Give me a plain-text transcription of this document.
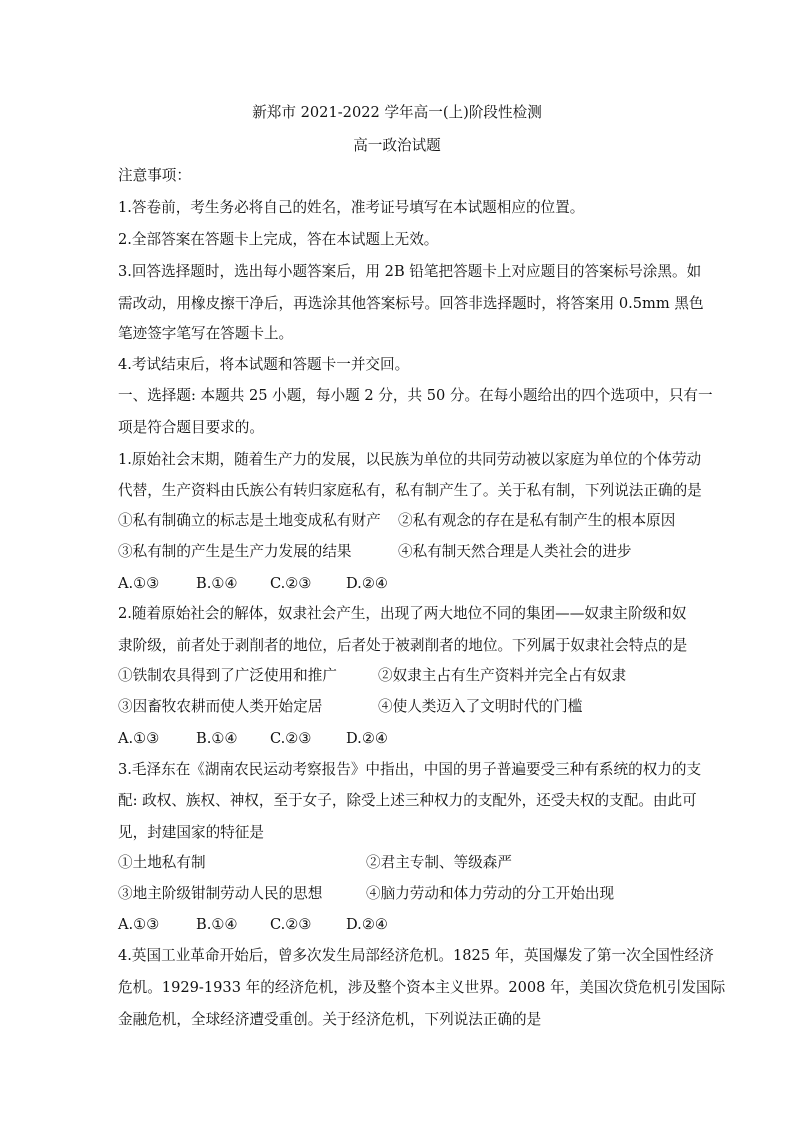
新郑市 2021-2022 学年高一(上)阶段性检测
高一政治试题
注意事项：
1.答卷前，考生务必将自己的姓名，准考证号填写在本试题相应的位置。
2.全部答案在答题卡上完成，答在本试题上无效。
3.回答选择题时，选出每小题答案后，用 2B 铅笔把答题卡上对应题目的答案标号涂黑。如
需改动，用橡皮擦干净后，再选涂其他答案标号。回答非选择题时，将答案用 0.5mm 黑色
笔迹签字笔写在答题卡上。
4.考试结束后，将本试题和答题卡一并交回。
一、选择题: 本题共 25 小题，每小题 2 分，共 50 分。在每小题给出的四个选项中，只有一
项是符合题目要求的。
1.原始社会末期，随着生产力的发展，以民族为单位的共同劳动被以家庭为单位的个体劳动
代替，生产资料由氏族公有转归家庭私有，私有制产生了。关于私有制，下列说法正确的是
①私有制确立的标志是土地变成私有财产	②私有观念的存在是私有制产生的根本原因
③私有制的产生是生产力发展的结果	④私有制天然合理是人类社会的进步
A.①③	B.①④ C.②③ D.②④
2.随着原始社会的解体，奴隶社会产生，出现了两大地位不同的集团——奴隶主阶级和奴
隶阶级，前者处于剥削者的地位，后者处于被剥削者的地位。下列属于奴隶社会特点的是
①铁制农具得到了广泛使用和推广	②奴隶主占有生产资料并完全占有奴隶
③因畜牧农耕而使人类开始定居	④使人类迈入了文明时代的门槛
A.①③	B.①④ C.②③ D.②④
3.毛泽东在《湖南农民运动考察报告》中指出，中国的男子普遍要受三种有系统的权力的支
配: 政权、族权、神权，至于女子，除受上述三种权力的支配外，还受夫权的支配。由此可
见，封建国家的特征是
①土地私有制	②君主专制、等级森严
③地主阶级钳制劳动人民的思想	④脑力劳动和体力劳动的分工开始出现
A.①③	B.①④ C.②③ D.②④
4.英国工业革命开始后，曾多次发生局部经济危机。1825 年，英国爆发了第一次全国性经济
危机。1929-1933 年的经济危机，涉及整个资本主义世界。2008 年，美国次贷危机引发国际
金融危机，全球经济遭受重创。关于经济危机，下列说法正确的是
